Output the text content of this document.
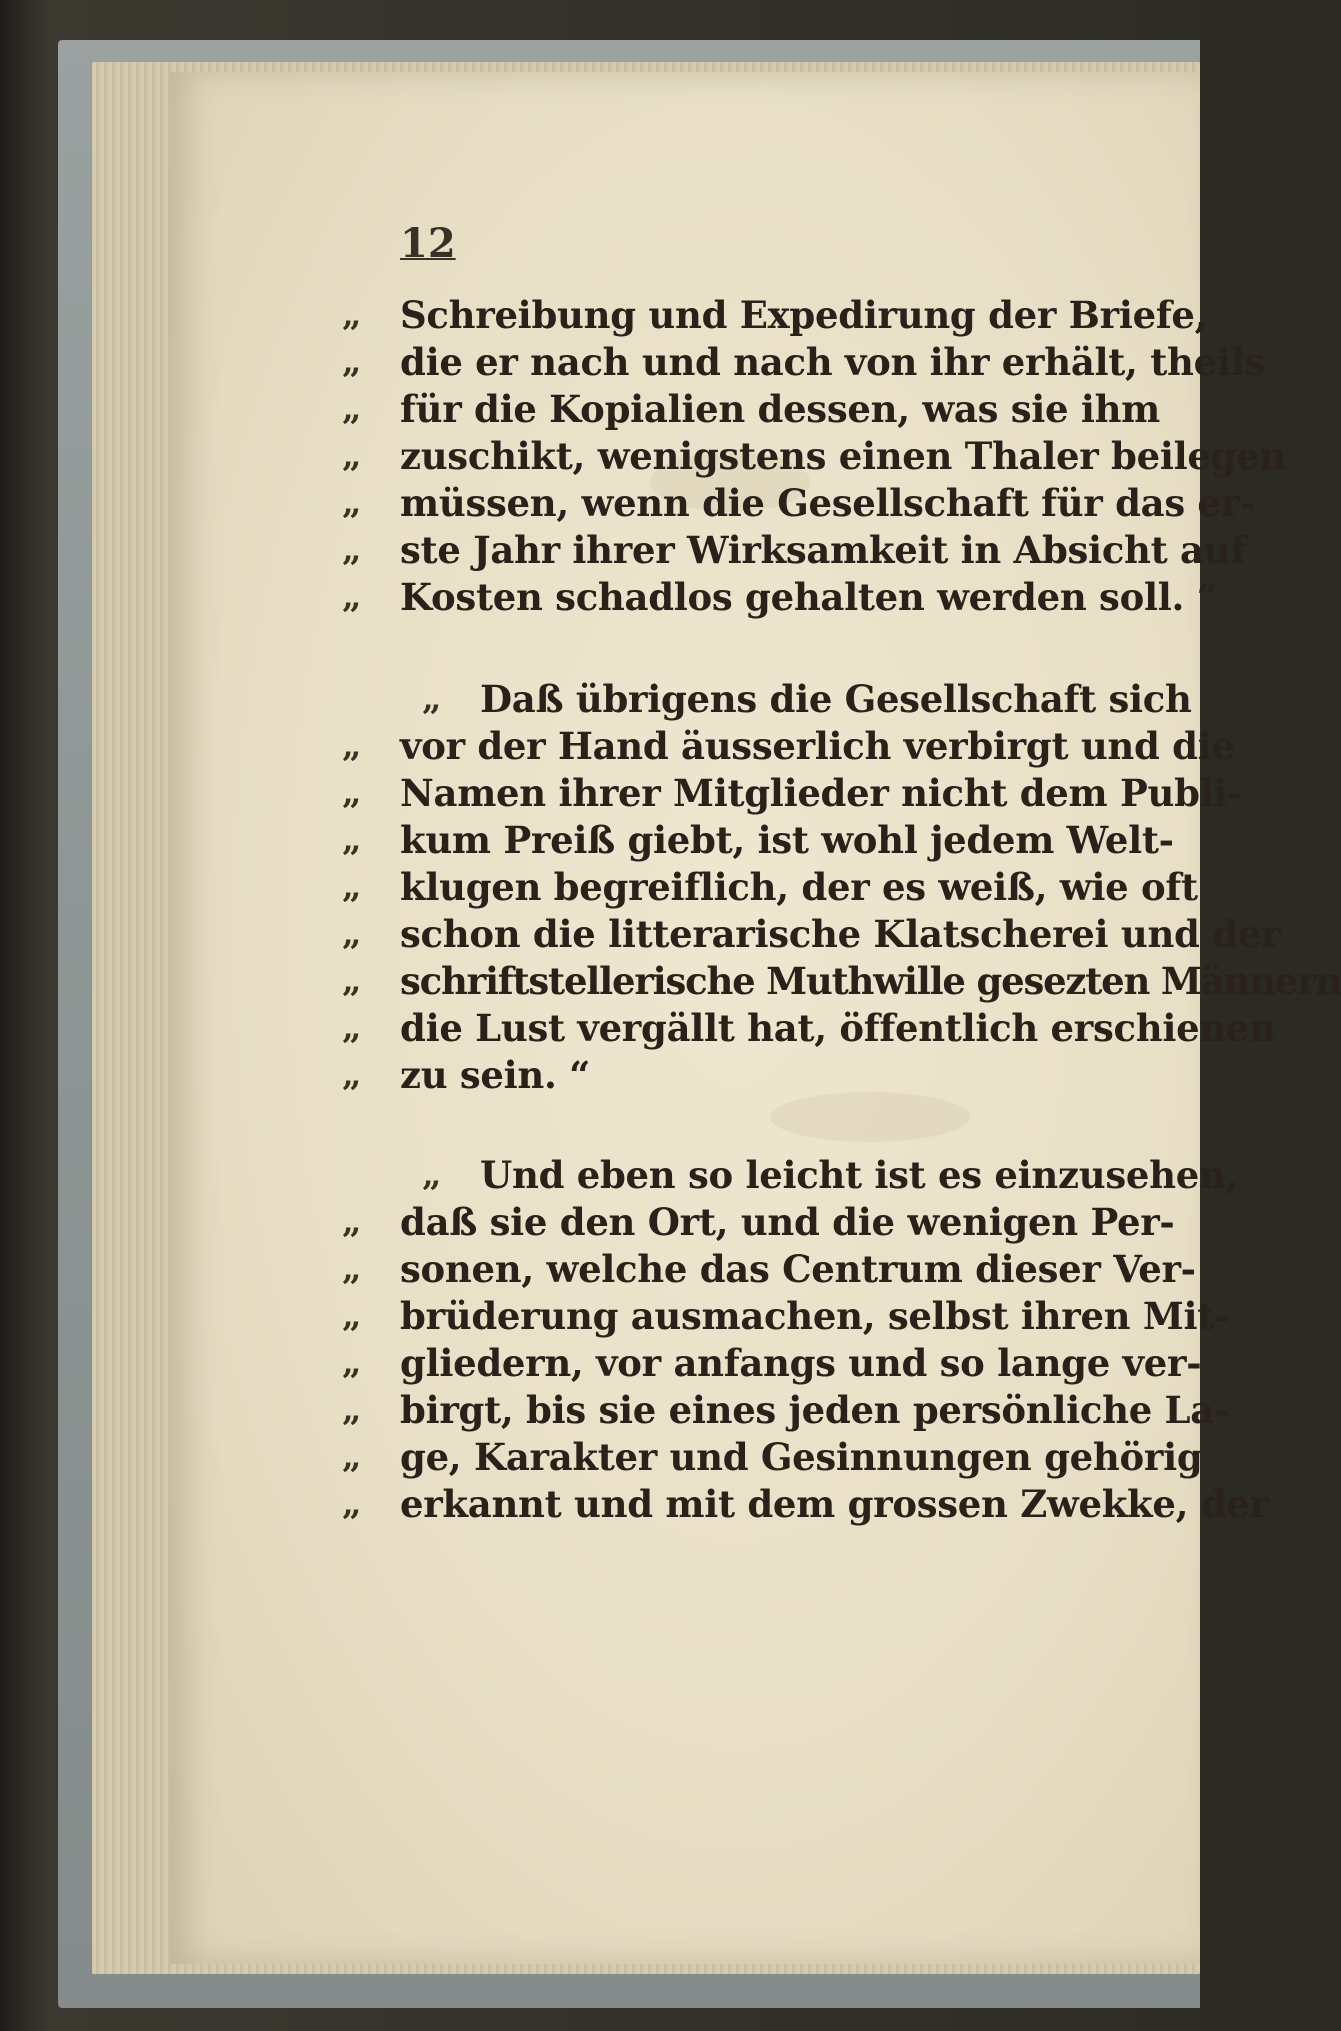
12
„ Schreibung und Expedirung der Briefe,
„ die er nach und nach von ihr erhält, theils
„ für die Kopialien dessen, was sie ihm
„ zuschikt, wenigstens einen Thaler beilegen
„ müssen, wenn die Gesellschaft für das er-
„ ste Jahr ihrer Wirksamkeit in Absicht auf
„ Kosten schadlos gehalten werden soll. “
„ Daß übrigens die Gesellschaft sich
„ vor der Hand äusserlich verbirgt und die
„ Namen ihrer Mitglieder nicht dem Publi-
„ kum Preiß giebt, ist wohl jedem Welt-
„ klugen begreiflich, der es weiß, wie oft
„ schon die litterarische Klatscherei und der
„ schriftstellerische Muthwille gesezten Männern
„ die Lust vergällt hat, öffentlich erschienen
„ zu sein. “
„ Und eben so leicht ist es einzusehen,
„ daß sie den Ort, und die wenigen Per-
„ sonen, welche das Centrum dieser Ver-
„ brüderung ausmachen, selbst ihren Mit-
„ gliedern, vor anfangs und so lange ver-
„ birgt, bis sie eines jeden persönliche La-
„ ge, Karakter und Gesinnungen gehörig
„ erkannt und mit dem grossen Zwekke, der
